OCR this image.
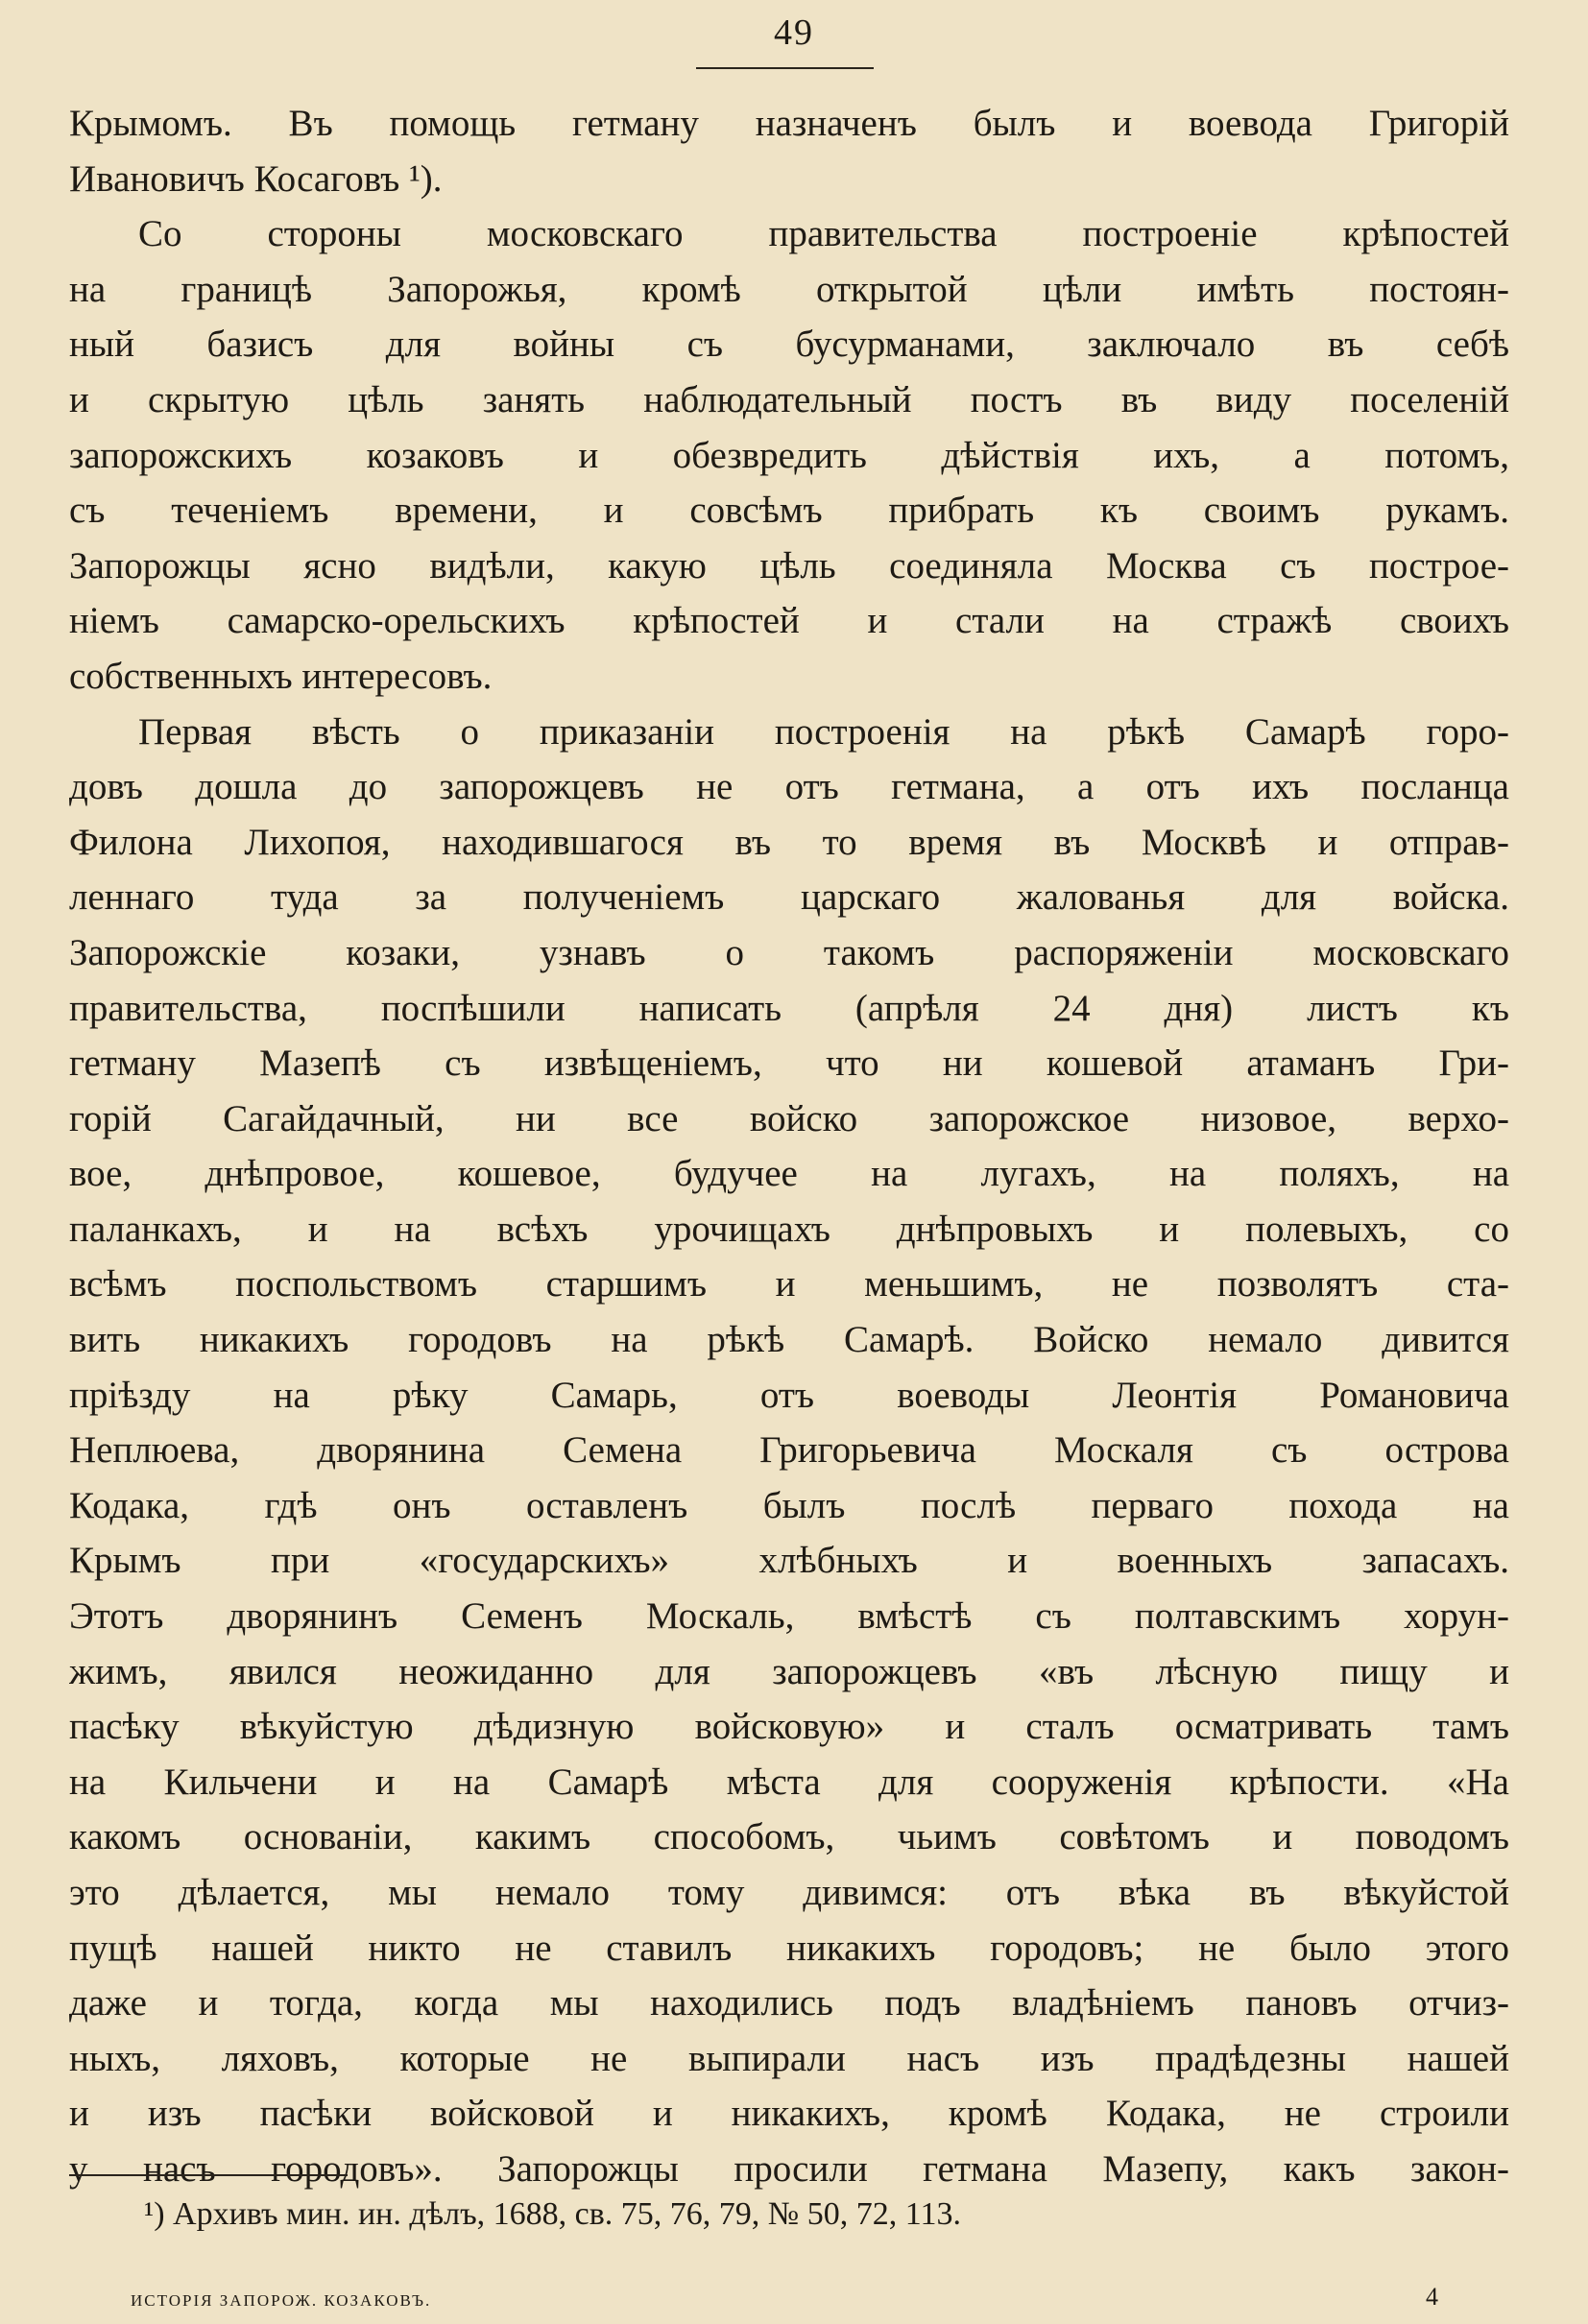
49
Крымомъ. Въ помощь гетману назначенъ былъ и воевода Григорій
Ивановичъ Косаговъ ¹).
Со стороны московскаго правительства построеніе крѣпостей
на границѣ Запорожья, кромѣ открытой цѣли имѣть постоян-
ный базисъ для войны съ бусурманами, заключало въ себѣ
и скрытую цѣль занять наблюдательный постъ въ виду поселеній
запорожскихъ козаковъ и обезвредить дѣйствія ихъ, а потомъ,
съ теченіемъ времени, и совсѣмъ прибрать къ своимъ рукамъ.
Запорожцы ясно видѣли, какую цѣль соединяла Москва съ построе-
ніемъ самарско-орельскихъ крѣпостей и стали на стражѣ своихъ
собственныхъ интересовъ.
Первая вѣсть о приказаніи построенія на рѣкѣ Самарѣ горо-
довъ дошла до запорожцевъ не отъ гетмана, а отъ ихъ посланца
Филона Лихопоя, находившагося въ то время въ Москвѣ и отправ-
леннаго туда за полученіемъ царскаго жалованья для войска.
Запорожскіе козаки, узнавъ о такомъ распоряженіи московскаго
правительства, поспѣшили написать (апрѣля 24 дня) листъ къ
гетману Мазепѣ съ извѣщеніемъ, что ни кошевой атаманъ Гри-
горій Сагайдачный, ни все войско запорожское низовое, верхо-
вое, днѣпровое, кошевое, будучее на лугахъ, на поляхъ, на
паланкахъ, и на всѣхъ урочищахъ днѣпровыхъ и полевыхъ, со
всѣмъ поспольствомъ старшимъ и меньшимъ, не позволятъ ста-
вить никакихъ городовъ на рѣкѣ Самарѣ. Войско немало дивится
пріѣзду на рѣку Самарь, отъ воеводы Леонтія Романовича
Неплюева, дворянина Семена Григорьевича Москаля съ острова
Кодака, гдѣ онъ оставленъ былъ послѣ перваго похода на
Крымъ при «государскихъ» хлѣбныхъ и военныхъ запасахъ.
Этотъ дворянинъ Семенъ Москаль, вмѣстѣ съ полтавскимъ хорун-
жимъ, явился неожиданно для запорожцевъ «въ лѣсную пищу и
пасѣку вѣкуйстую дѣдизную войсковую» и сталъ осматривать тамъ
на Кильчени и на Самарѣ мѣста для сооруженія крѣпости. «На
какомъ основаніи, какимъ способомъ, чьимъ совѣтомъ и поводомъ
это дѣлается, мы немало тому дивимся: отъ вѣка въ вѣкуйстой
пущѣ нашей никто не ставилъ никакихъ городовъ; не было этого
даже и тогда, когда мы находились подъ владѣніемъ пановъ отчиз-
ныхъ, ляховъ, которые не выпирали насъ изъ прадѣдезны нашей
и изъ пасѣки войсковой и никакихъ, кромѣ Кодака, не строили
у насъ городовъ». Запорожцы просили гетмана Мазепу, какъ закон-
¹) Архивъ мин. ин. дѣлъ, 1688, св. 75, 76, 79, № 50, 72, 113.
ИСТОРІЯ ЗАПОРОЖ. КОЗАКОВЪ.	4
